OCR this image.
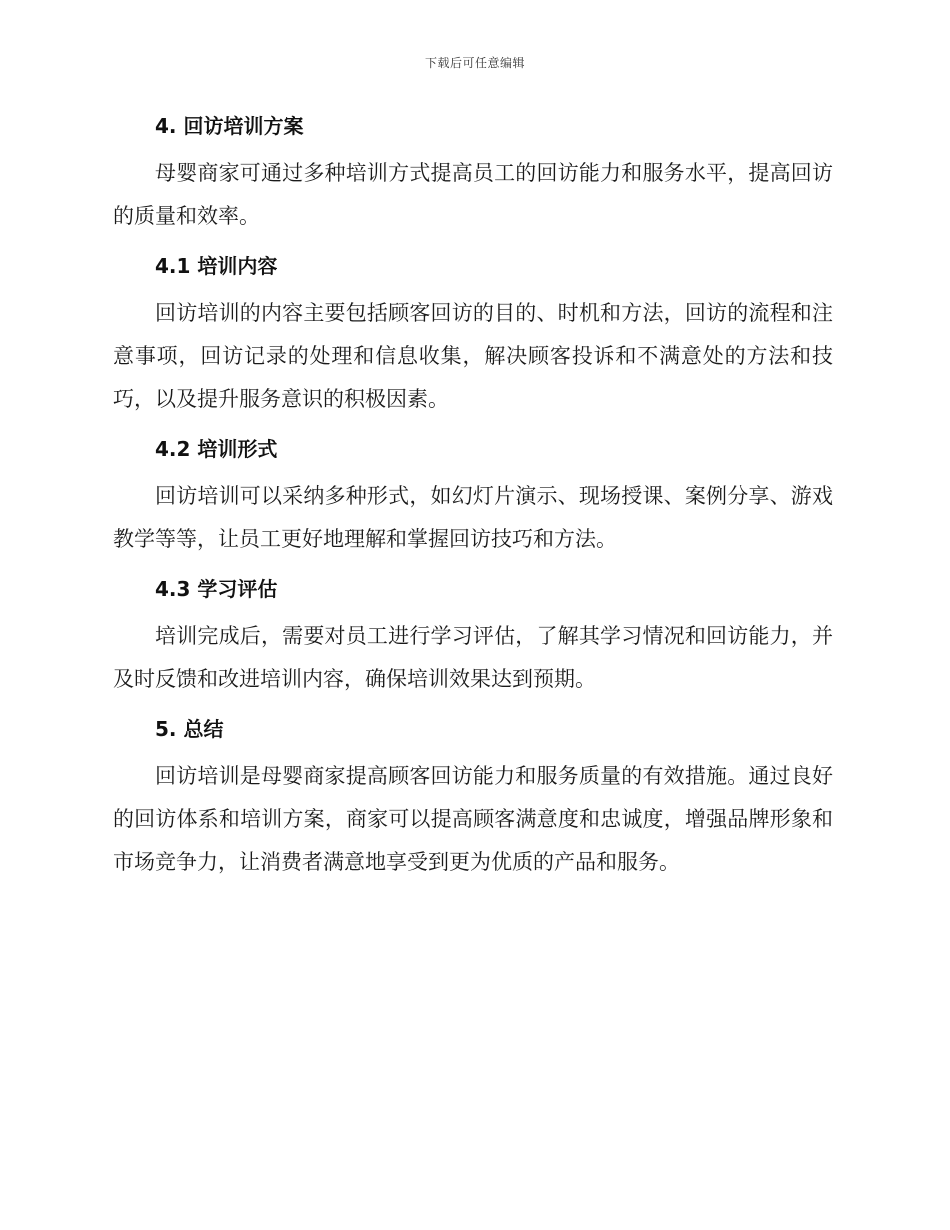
下载后可任意编辑
4. 回访培训方案

母婴商家可通过多种培训方式提高员工的回访能力和服务水平，提高回访的质量和效率。

4.1 培训内容

回访培训的内容主要包括顾客回访的目的、时机和方法，回访的流程和注意事项，回访记录的处理和信息收集，解决顾客投诉和不满意处的方法和技巧，以及提升服务意识的积极因素。

4.2 培训形式

回访培训可以采纳多种形式，如幻灯片演示、现场授课、案例分享、游戏教学等等，让员工更好地理解和掌握回访技巧和方法。

4.3 学习评估

培训完成后，需要对员工进行学习评估，了解其学习情况和回访能力，并及时反馈和改进培训内容，确保培训效果达到预期。

5. 总结

回访培训是母婴商家提高顾客回访能力和服务质量的有效措施。通过良好的回访体系和培训方案，商家可以提高顾客满意度和忠诚度，增强品牌形象和市场竞争力，让消费者满意地享受到更为优质的产品和服务。
